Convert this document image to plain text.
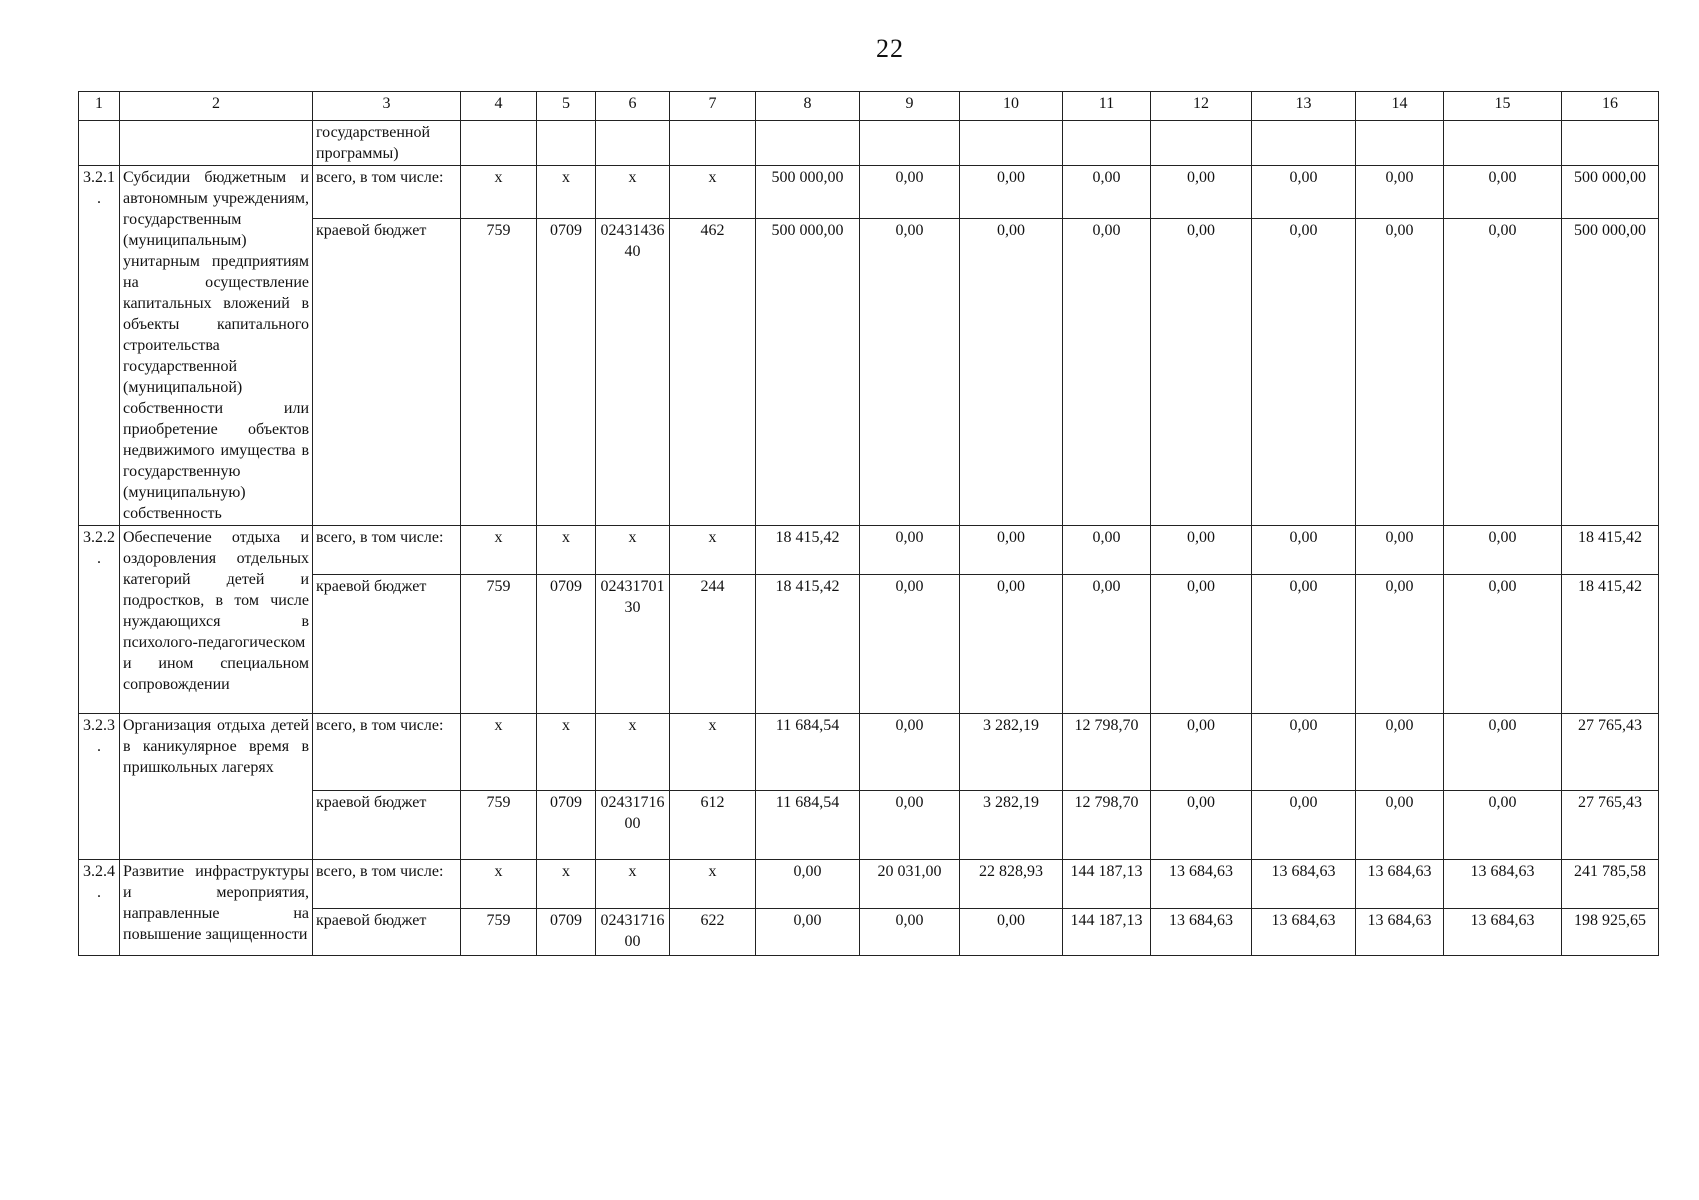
22
1	2	3	4	5	6	7	8	9	10	11	12	13	14	15	16
		государственной программы)													
3.2.1.	Субсидии бюджетным и автономным учреждениям, государственным (муниципальным) унитарным предприятиям на осуществление капитальных вложений в объекты капитального строительства государственной (муниципальной) собственности или приобретение объектов недвижимого имущества в государственную (муниципальную) собственность	всего, в том числе:	x	x	x	x	500 000,00	0,00	0,00	0,00	0,00	0,00	0,00	0,00	500 000,00
		краевой бюджет	759	0709	0243143640	462	500 000,00	0,00	0,00	0,00	0,00	0,00	0,00	0,00	500 000,00
3.2.2.	Обеспечение отдыха и оздоровления отдельных категорий детей и подростков, в том числе нуждающихся в психолого-педагогическом и ином специальном сопровождении	всего, в том числе:	x	x	x	x	18 415,42	0,00	0,00	0,00	0,00	0,00	0,00	0,00	18 415,42
		краевой бюджет	759	0709	0243170130	244	18 415,42	0,00	0,00	0,00	0,00	0,00	0,00	0,00	18 415,42
3.2.3.	Организация отдыха детей в каникулярное время в пришкольных лагерях	всего, в том числе:	x	x	x	x	11 684,54	0,00	3 282,19	12 798,70	0,00	0,00	0,00	0,00	27 765,43
		краевой бюджет	759	0709	0243171600	612	11 684,54	0,00	3 282,19	12 798,70	0,00	0,00	0,00	0,00	27 765,43
3.2.4.	Развитие инфраструктуры и мероприятия, направленные на повышение защищенности	всего, в том числе:	x	x	x	x	0,00	20 031,00	22 828,93	144 187,13	13 684,63	13 684,63	13 684,63	13 684,63	241 785,58
		краевой бюджет	759	0709	0243171600	622	0,00	0,00	0,00	144 187,13	13 684,63	13 684,63	13 684,63	13 684,63	198 925,65
